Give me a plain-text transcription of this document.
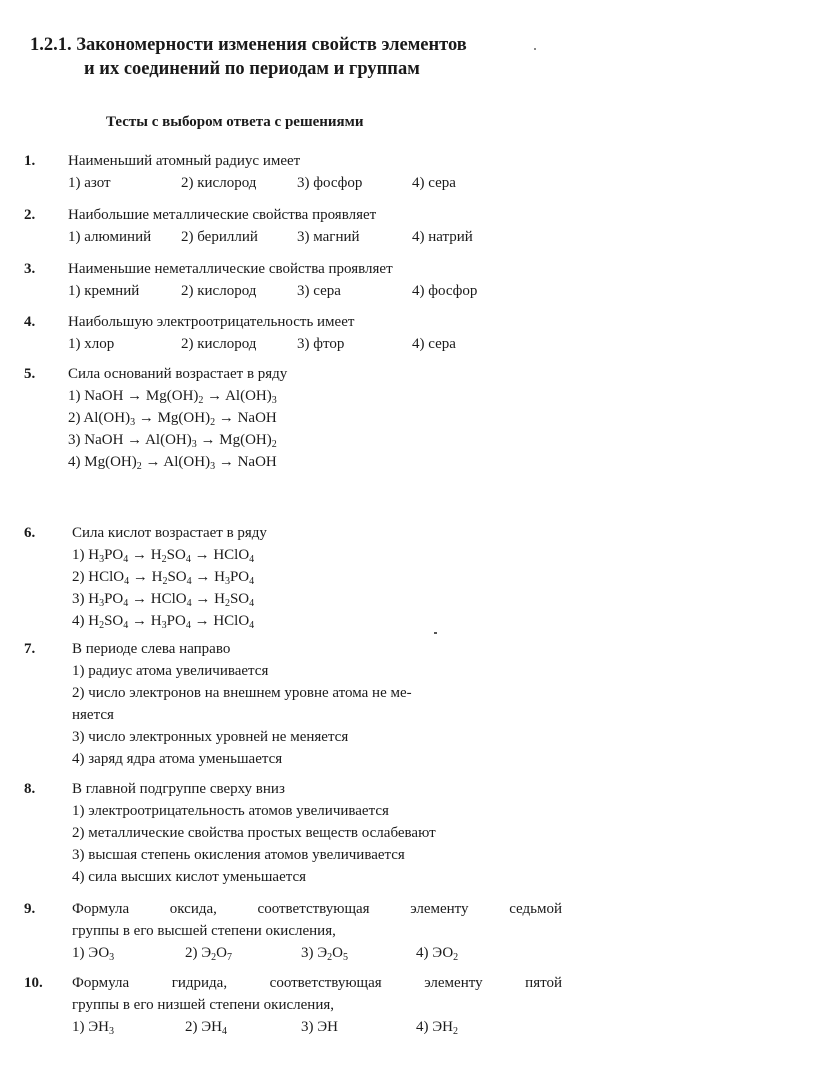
1.2.1. Закономерности изменения свойств элементов
и их соединений по периодам и группам
Тесты с выбором ответа с решениями
1. Наименьший атомный радиус имеет
1) азот	2) кислород	3) фосфор	4) сера
2. Наибольшие металлические свойства проявляет
1) алюминий 2) бериллий	3) магний	4) натрий
3. Наименьшие неметаллические свойства проявляет
1) кремний	2) кислород	3) сера	4) фосфор
4. Наибольшую электроотрицательность имеет
1) хлор	2) кислород	3) фтор	4) сера
5. Сила оснований возрастает в ряду
1) NaOH → $Mg(OH)_2 \to Al(OH)_3$
2) $Al(OH)_3 \to Mg(OH)_2$ → NaOH
3) NaOH → $Al(OH)_3 \to Mg(OH)_2$
4) $Mg(OH)_2 \to Al(OH)_3$ → NaOH
6. Сила кислот возрастает в ряду
1) $H_3PO_4 \to H_2SO_4$ → HClO$_4$
2) HClO$_4$ → $H_2SO_4 \to H_3PO_4$
3) $H_3PO_4$ → HClO$_4$ → $H_2SO_4$
4) $H_2SO_4 \to H_3PO_4$ → HClO$_4$
7. В периоде слева направо
1) радиус атома увеличивается
2) число электронов на внешнем уровне атома не ме-
няется
3) число электронных уровней не меняется
4) заряд ядра атома уменьшается
8. В главной подгруппе сверху вниз
1) электроотрицательность атомов увеличивается
2) металлические свойства простых веществ ослабевают
3) высшая степень окисления атомов увеличивается
4) сила высших кислот уменьшается
9. Формула оксида, соответствующая элементу седьмой
группы в его высшей степени окисления,
1) $ЭО_3$	2) $Э_2О_7$	3) $Э_2О_5$	4) $ЭО_2$
10. Формула гидрида, соответствующая элементу пятой
группы в его низшей степени окисления,
1) $ЭН_3$	2) $ЭН_4$	3) ЭН	4) $ЭН_2$
